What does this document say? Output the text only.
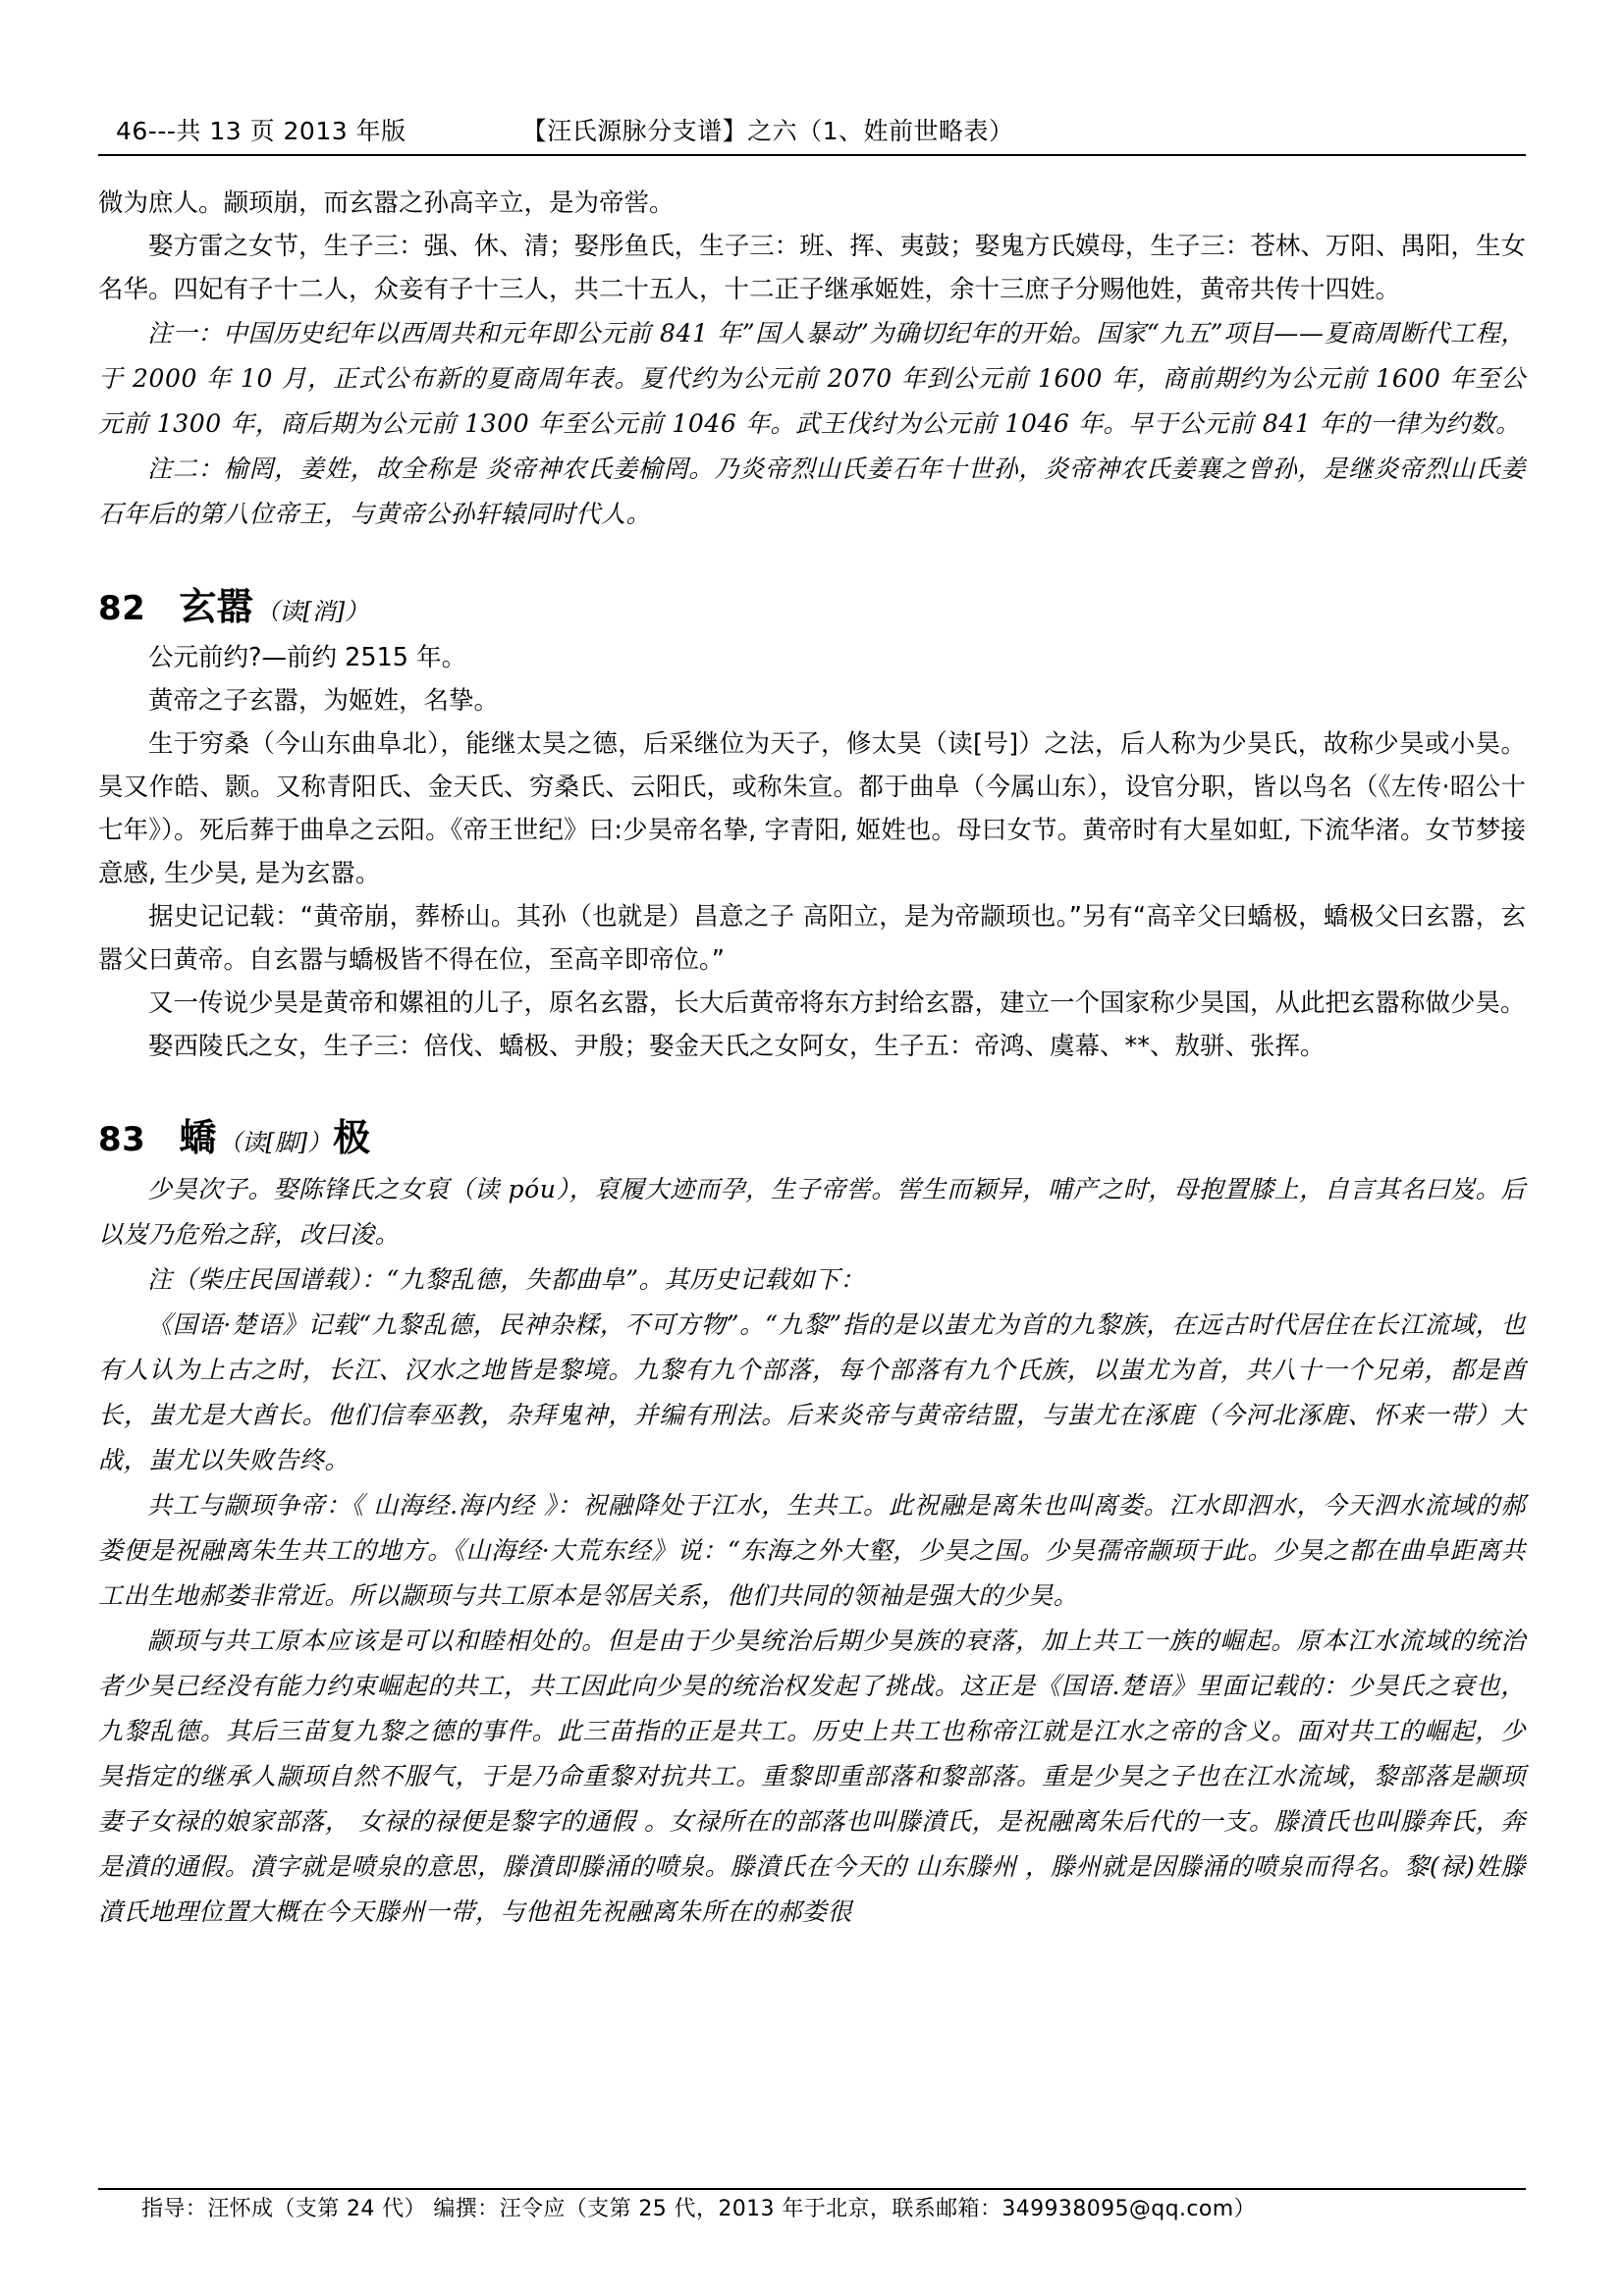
46---共 13 页 2013 年版	【汪氏源脉分支谱】之六（1、姓前世略表）

微为庶人。颛顼崩，而玄嚣之孙高辛立，是为帝喾。

娶方雷之女节，生子三：强、休、清；娶彤鱼氏，生子三：班、挥、夷鼓；娶鬼方氏嫫母，生子三：苍林、万阳、禺阳，生女名华。四妃有子十二人，众妾有子十三人，共二十五人，十二正子继承姬姓，余十三庶子分赐他姓，黄帝共传十四姓。

注一：中国历史纪年以西周共和元年即公元前 841 年”国人暴动”为确切纪年的开始。国家“九五”项目——夏商周断代工程，于 2000 年 10 月，正式公布新的夏商周年表。夏代约为公元前 2070 年到公元前 1600 年，商前期约为公元前 1600 年至公元前 1300 年，商后期为公元前 1300 年至公元前 1046 年。武王伐纣为公元前 1046 年。早于公元前 841 年的一律为约数。

注二：榆罔，姜姓，故全称是 炎帝神农氏姜榆罔。乃炎帝烈山氏姜石年十世孙，炎帝神农氏姜襄之曾孙，是继炎帝烈山氏姜石年后的第八位帝王，与黄帝公孙轩辕同时代人。

82 玄嚣 （读[消]）

公元前约?—前约 2515 年。

黄帝之子玄嚣，为姬姓，名挚。

生于穷桑（今山东曲阜北），能继太昊之德，后采继位为天子，修太昊（读[号]）之法，后人称为少昊氏，故称少昊或小昊。昊又作皓、颢。又称青阳氏、金天氏、穷桑氏、云阳氏，或称朱宣。都于曲阜（今属山东），设官分职，皆以鸟名（《左传·昭公十七年》）。死后葬于曲阜之云阳。《帝王世纪》曰:少昊帝名挚, 字青阳, 姬姓也。母曰女节。黄帝时有大星如虹, 下流华渚。女节梦接意感, 生少昊, 是为玄嚣。

据史记记载：“黄帝崩，葬桥山。其孙（也就是）昌意之子 高阳立，是为帝颛顼也。”另有“高辛父曰蟜极，蟜极父曰玄嚣，玄嚣父曰黄帝。自玄嚣与蟜极皆不得在位，至高辛即帝位。”

又一传说少昊是黄帝和嫘祖的儿子，原名玄嚣，长大后黄帝将东方封给玄嚣，建立一个国家称少昊国，从此把玄嚣称做少昊。

娶西陵氏之女，生子三：倍伐、蟜极、尹殷；娶金天氏之女阿女，生子五：帝鸿、虞幕、**、敖骈、张挥。

83 蟜 （读[脚]） 极

少昊次子。娶陈锋氏之女裒（读 póu），裒履大迹而孕，生子帝喾。喾生而颖异，哺产之时，母抱置膝上，自言其名曰岌。后以岌乃危殆之辞，改曰浚。

注（柴庄民国谱载）：“九黎乱德，失都曲阜”。其历史记载如下：

《国语·楚语》记载“九黎乱德，民神杂糅，不可方物”。“九黎”指的是以蚩尤为首的九黎族，在远古时代居住在长江流域，也有人认为上古之时，长江、汉水之地皆是黎境。九黎有九个部落，每个部落有九个氏族，以蚩尤为首，共八十一个兄弟，都是酋长，蚩尤是大酋长。他们信奉巫教，杂拜鬼神，并编有刑法。后来炎帝与黄帝结盟，与蚩尤在涿鹿（今河北涿鹿、怀来一带）大战，蚩尤以失败告终。

共工与颛顼争帝：《 山海经.海内经 》：祝融降处于江水，生共工。此祝融是离朱也叫离娄。江水即泗水，今天泗水流域的郝娄便是祝融离朱生共工的地方。《山海经·大荒东经》说：“东海之外大壑，少昊之国。少昊孺帝颛顼于此。少昊之都在曲阜距离共工出生地郝娄非常近。所以颛顼与共工原本是邻居关系，他们共同的领袖是强大的少昊。

颛顼与共工原本应该是可以和睦相处的。但是由于少昊统治后期少昊族的衰落，加上共工一族的崛起。原本江水流域的统治者少昊已经没有能力约束崛起的共工，共工因此向少昊的统治权发起了挑战。这正是《国语.楚语》里面记载的：少昊氏之衰也，九黎乱德。其后三苗复九黎之德的事件。此三苗指的正是共工。历史上共工也称帝江就是江水之帝的含义。面对共工的崛起，少昊指定的继承人颛顼自然不服气，于是乃命重黎对抗共工。重黎即重部落和黎部落。重是少昊之子也在江水流域，黎部落是颛顼妻子女禄的娘家部落， 女禄的禄便是黎字的通假 。女禄所在的部落也叫滕濆氏，是祝融离朱后代的一支。滕濆氏也叫滕奔氏，奔是濆的通假。濆字就是喷泉的意思，滕濆即滕涌的喷泉。滕濆氏在今天的 山东滕州 ，滕州就是因滕涌的喷泉而得名。黎(禄)姓滕濆氏地理位置大概在今天滕州一带，与他祖先祝融离朱所在的郝娄很

指导：汪怀成（支第 24 代） 编撰：汪令应（支第 25 代，2013 年于北京，联系邮箱：349938095@qq.com）
